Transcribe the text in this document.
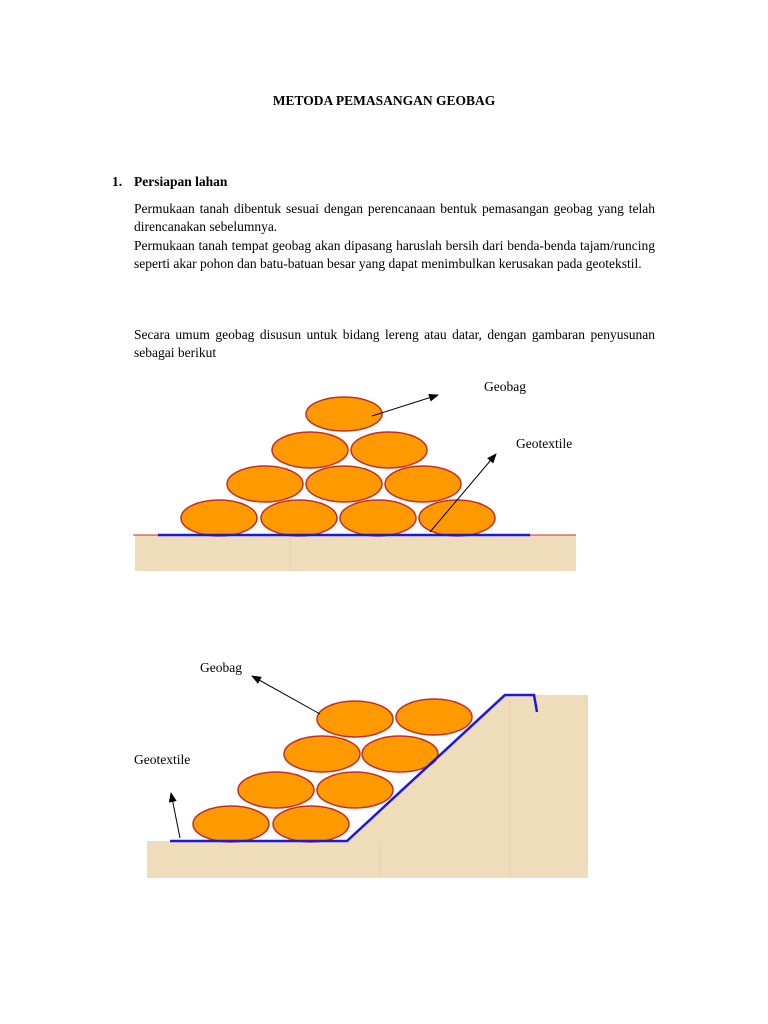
METODA PEMASANGAN GEOBAG
1. Persiapan lahan
Permukaan tanah dibentuk sesuai dengan perencanaan bentuk pemasangan geobag yang telah direncanakan sebelumnya.
Permukaan tanah tempat geobag akan dipasang haruslah bersih dari benda-benda tajam/runcing seperti akar pohon dan batu-batuan besar yang dapat menimbulkan kerusakan pada geotekstil.
Secara umum geobag disusun untuk bidang lereng atau datar, dengan gambaran penyusunan sebagai berikut
Geobag
Geotextile
Geobag
Geotextile
